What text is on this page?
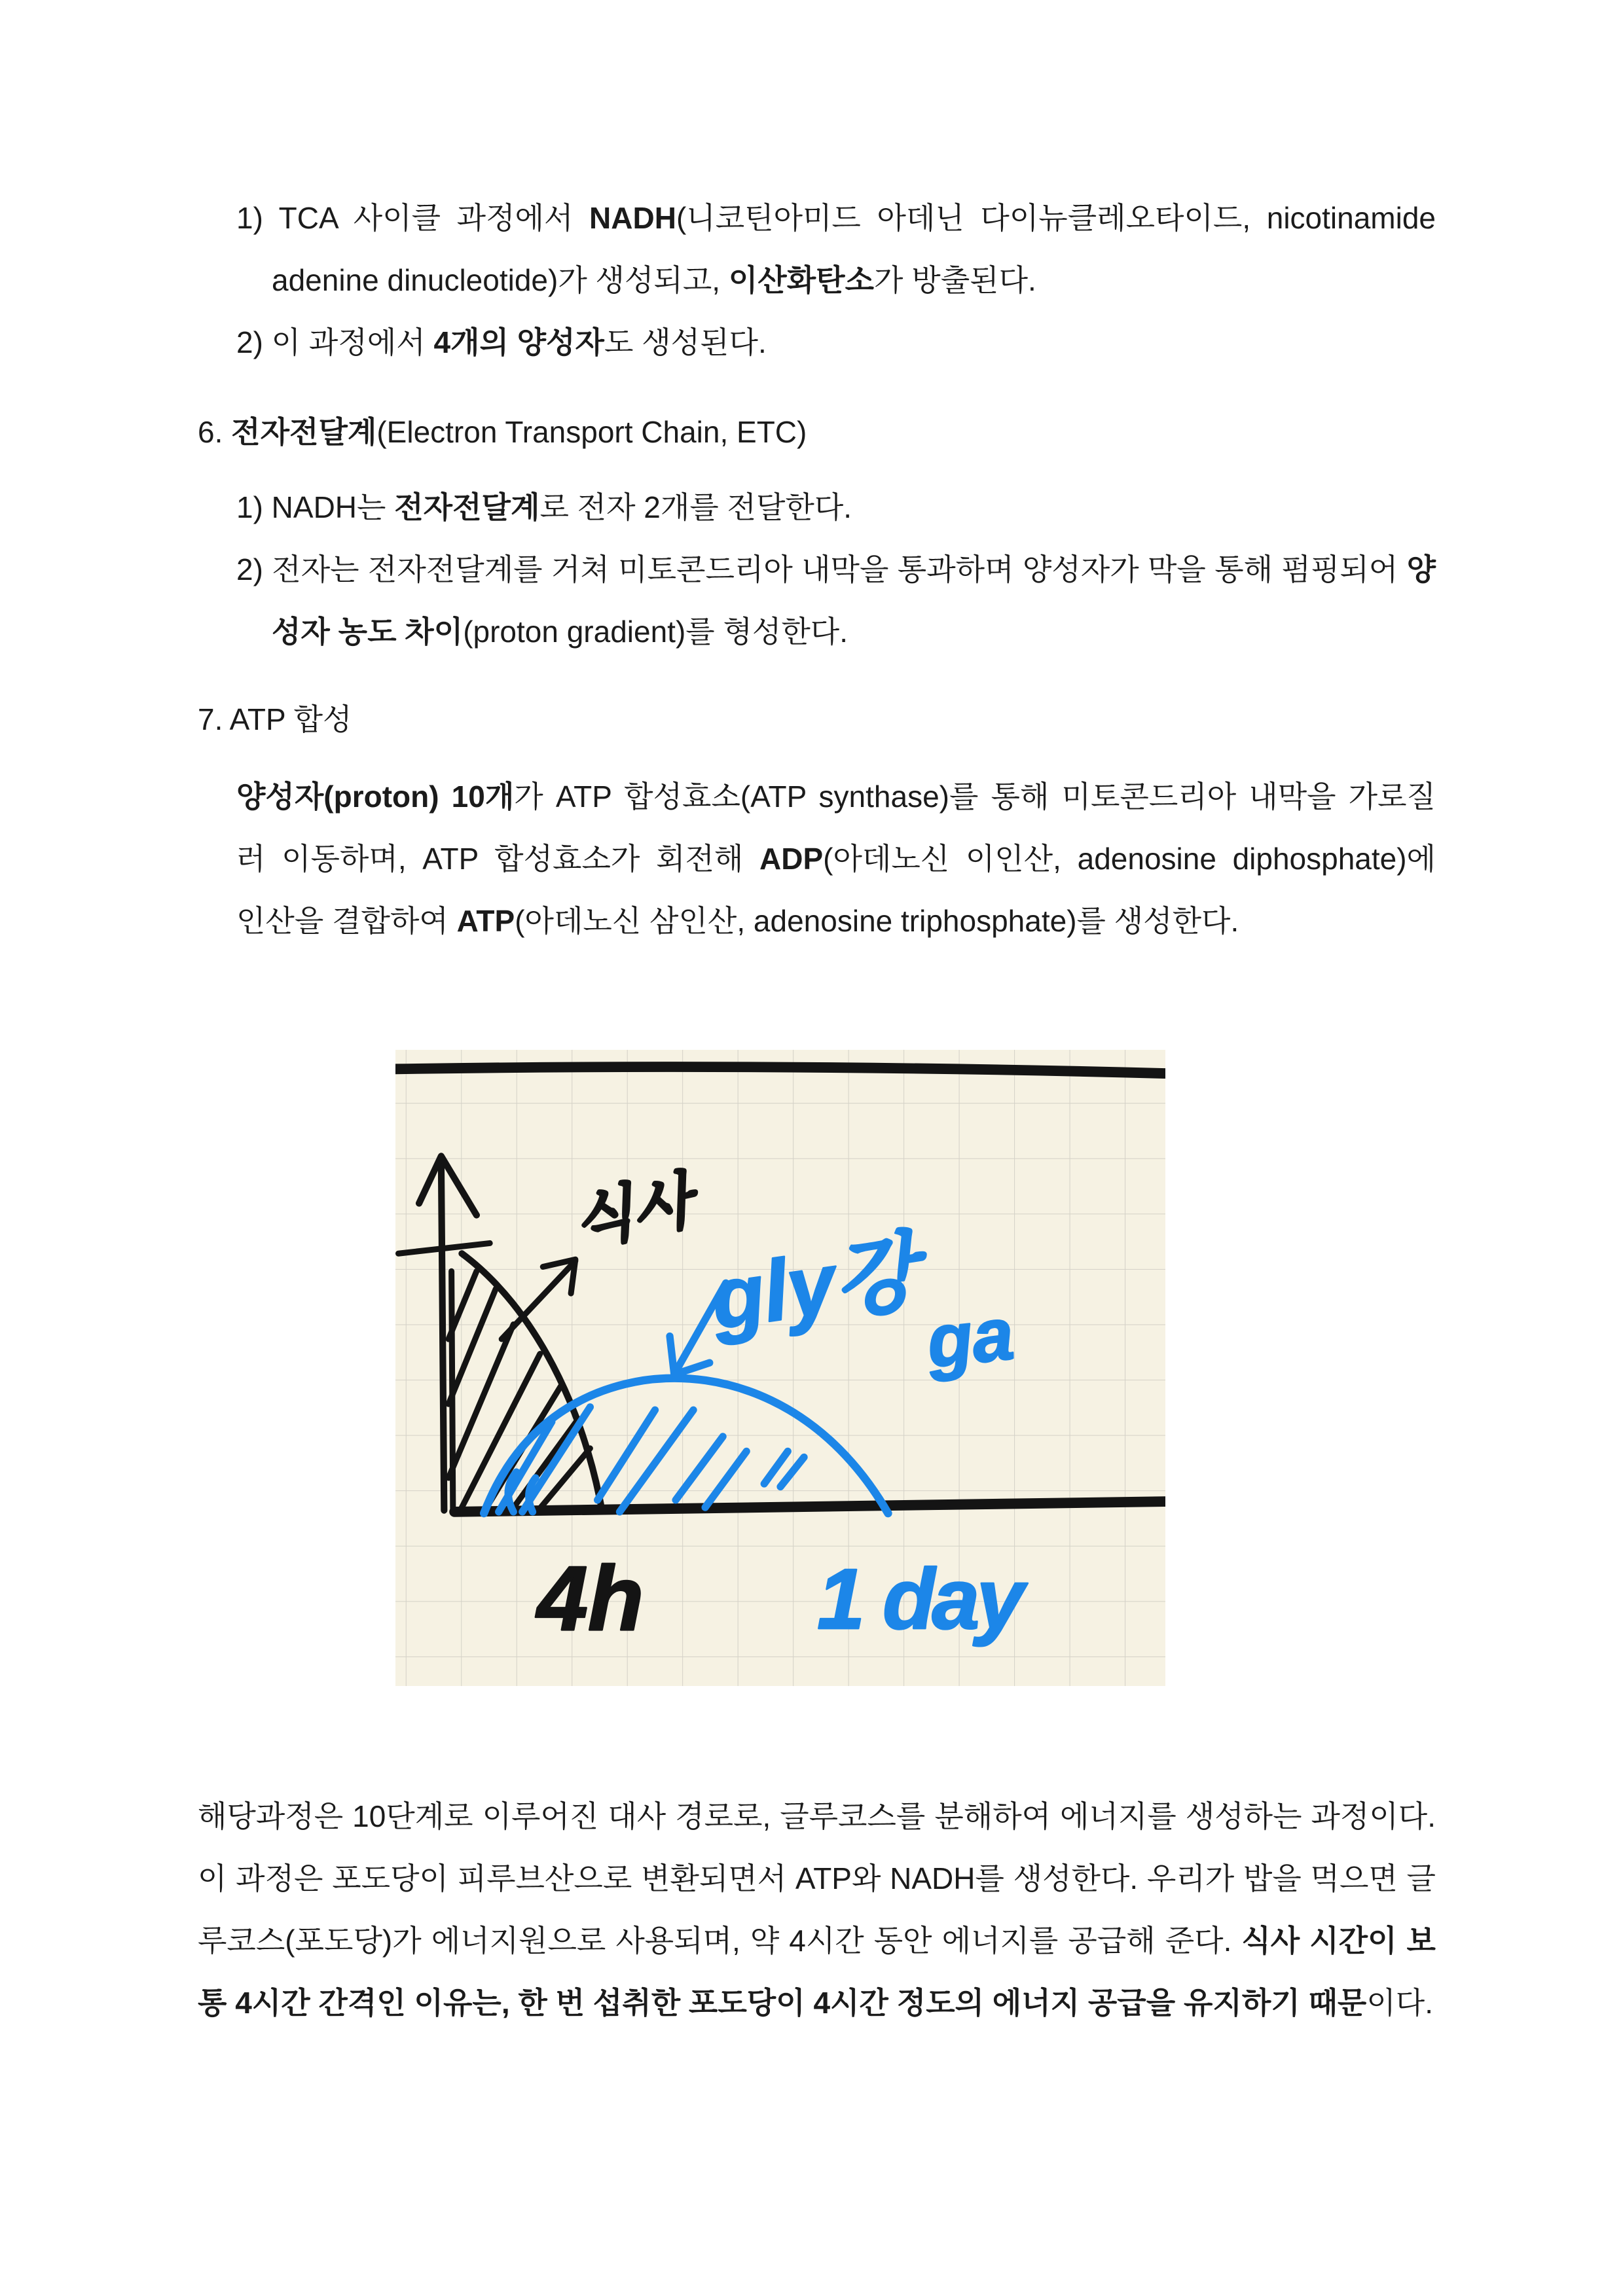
1) TCA 사이클 과정에서 NADH(니코틴아미드 아데닌 다이뉴클레오타이드, nicotinamide
adenine dinucleotide)가 생성되고, 이산화탄소가 방출된다.
2) 이 과정에서 4개의 양성자도 생성된다.
6. 전자전달계(Electron Transport Chain, ETC)
1) NADH는 전자전달계로 전자 2개를 전달한다.
2) 전자는 전자전달계를 거쳐 미토콘드리아 내막을 통과하며 양성자가 막을 통해 펌핑되어 양
성자 농도 차이(proton gradient)를 형성한다.
7. ATP 합성
양성자(proton) 10개가 ATP 합성효소(ATP synthase)를 통해 미토콘드리아 내막을 가로질
러 이동하며, ATP 합성효소가 회전해 ADP(아데노신 이인산, adenosine diphosphate)에
인산을 결합하여 ATP(아데노신 삼인산, adenosine triphosphate)를 생성한다.
식사
gly강 ga
4h	1 day
해당과정은 10단계로 이루어진 대사 경로로, 글루코스를 분해하여 에너지를 생성하는 과정이다.
이 과정은 포도당이 피루브산으로 변환되면서 ATP와 NADH를 생성한다. 우리가 밥을 먹으면 글
루코스(포도당)가 에너지원으로 사용되며, 약 4시간 동안 에너지를 공급해 준다. 식사 시간이 보
통 4시간 간격인 이유는, 한 번 섭취한 포도당이 4시간 정도의 에너지 공급을 유지하기 때문이다.
